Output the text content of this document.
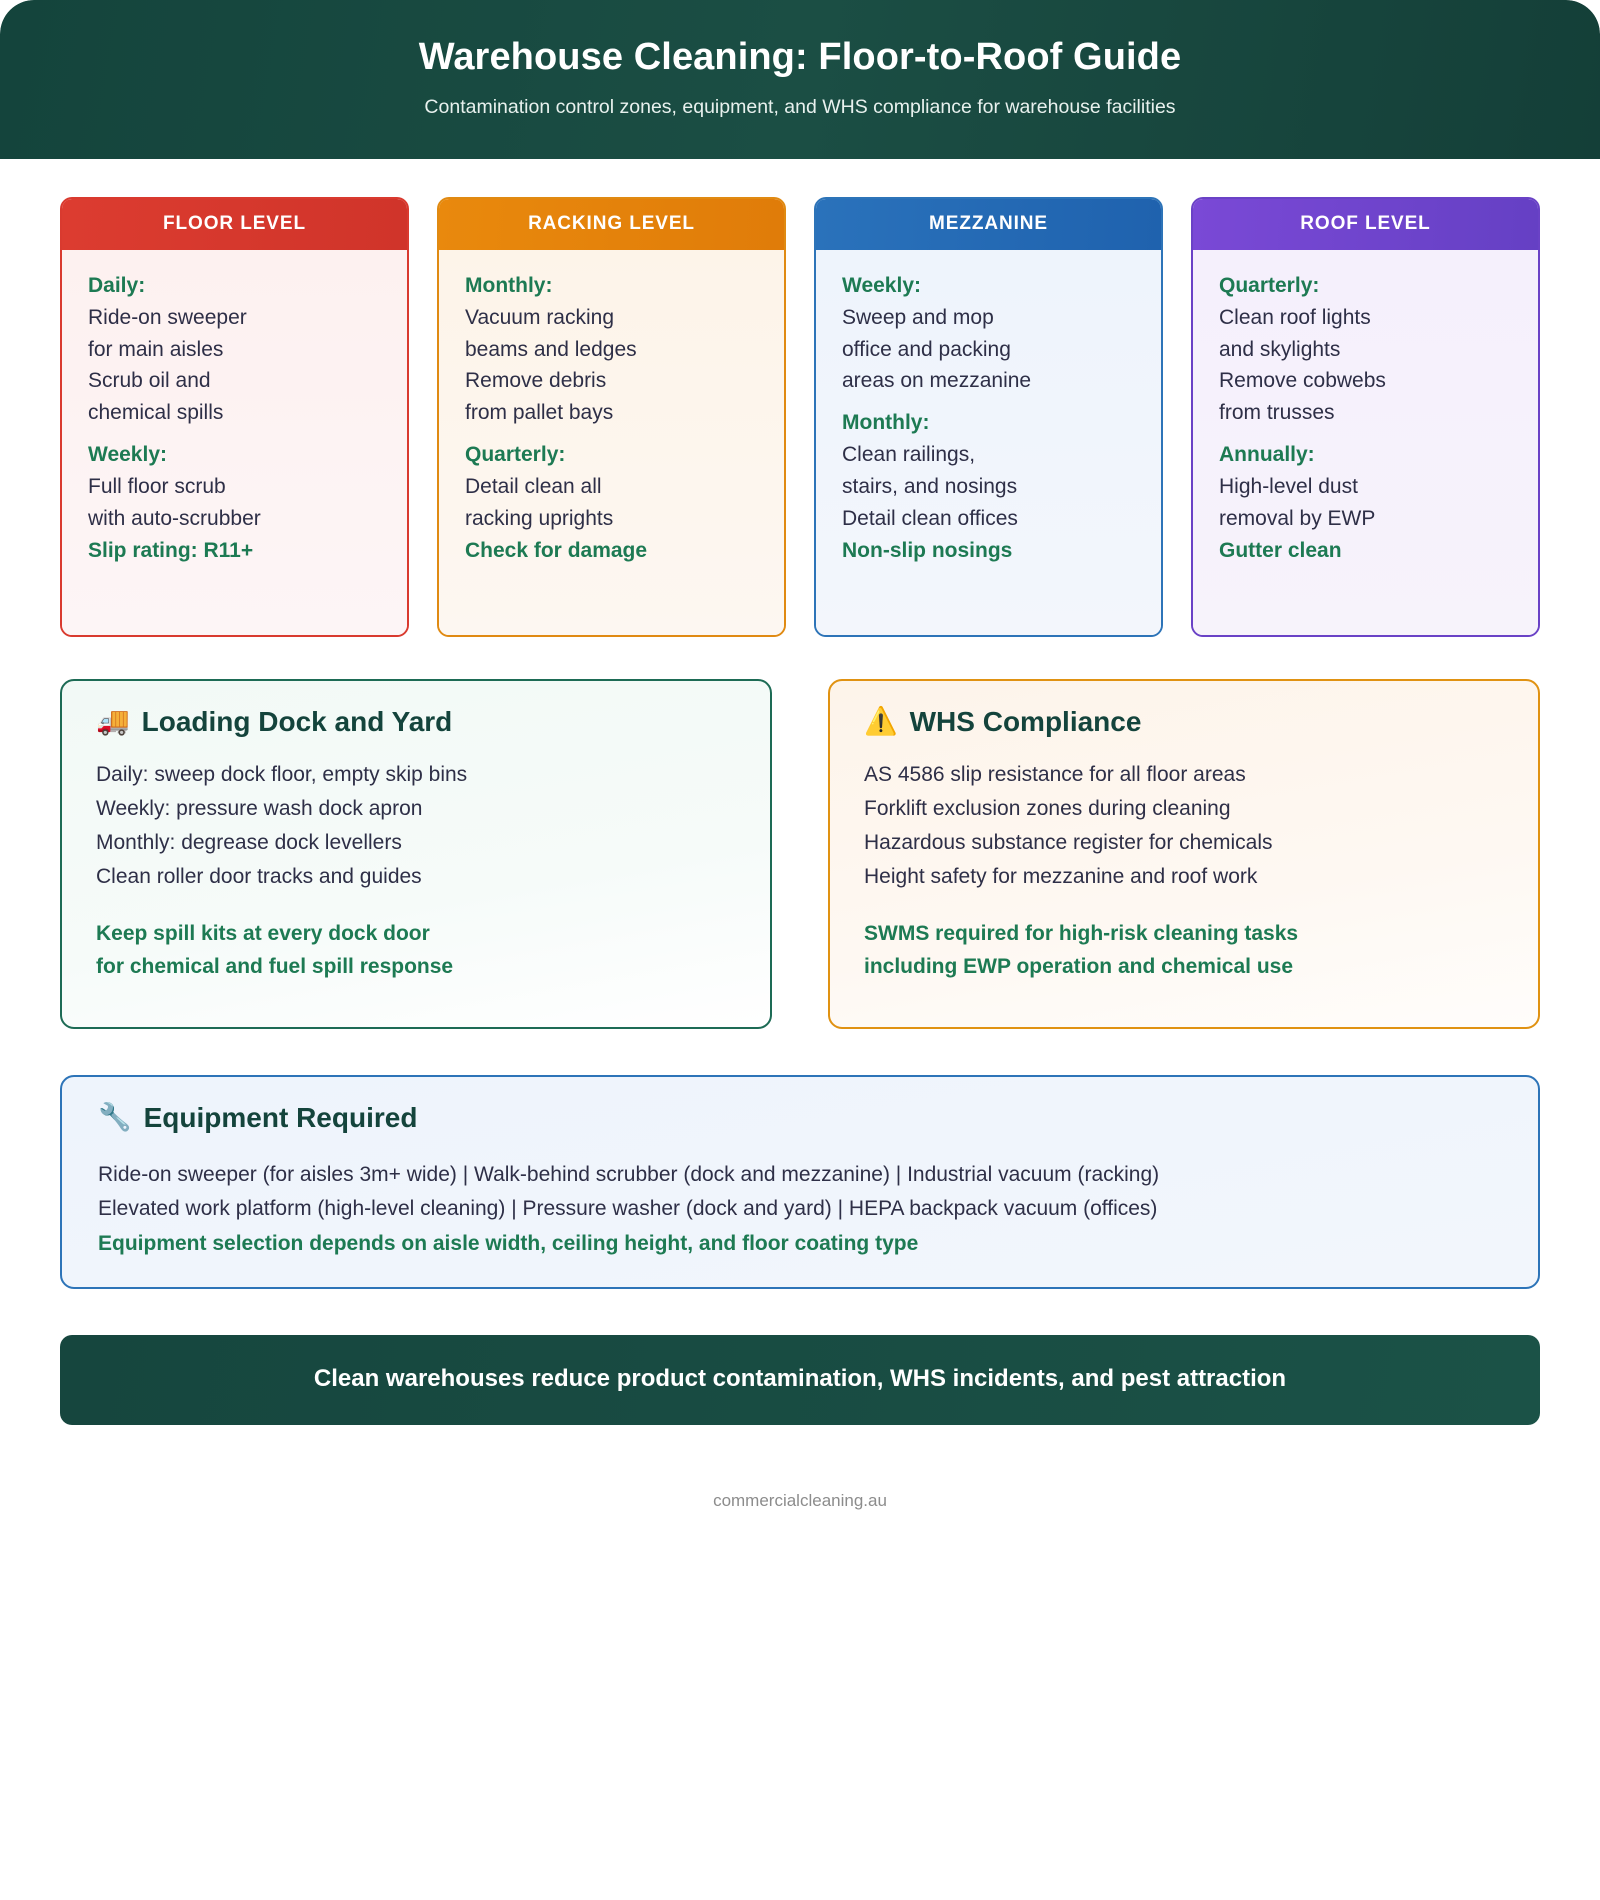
Warehouse Cleaning: Floor-to-Roof Guide
Contamination control zones, equipment, and WHS compliance for warehouse facilities
FLOOR LEVEL
Daily:
Ride-on sweeper
for main aisles
Scrub oil and
chemical spills
Weekly:
Full floor scrub
with auto-scrubber
Slip rating: R11+
RACKING LEVEL
Monthly:
Vacuum racking
beams and ledges
Remove debris
from pallet bays
Quarterly:
Detail clean all
racking uprights
Check for damage
MEZZANINE
Weekly:
Sweep and mop
office and packing
areas on mezzanine
Monthly:
Clean railings,
stairs, and nosings
Detail clean offices
Non-slip nosings
ROOF LEVEL
Quarterly:
Clean roof lights
and skylights
Remove cobwebs
from trusses
Annually:
High-level dust
removal by EWP
Gutter clean
🚚 Loading Dock and Yard
Daily: sweep dock floor, empty skip bins
Weekly: pressure wash dock apron
Monthly: degrease dock levellers
Clean roller door tracks and guides
Keep spill kits at every dock door
for chemical and fuel spill response
⚠️ WHS Compliance
AS 4586 slip resistance for all floor areas
Forklift exclusion zones during cleaning
Hazardous substance register for chemicals
Height safety for mezzanine and roof work
SWMS required for high-risk cleaning tasks
including EWP operation and chemical use
🔧 Equipment Required
Ride-on sweeper (for aisles 3m+ wide) | Walk-behind scrubber (dock and mezzanine) | Industrial vacuum (racking)
Elevated work platform (high-level cleaning) | Pressure washer (dock and yard) | HEPA backpack vacuum (offices)
Equipment selection depends on aisle width, ceiling height, and floor coating type
Clean warehouses reduce product contamination, WHS incidents, and pest attraction
commercialcleaning.au
